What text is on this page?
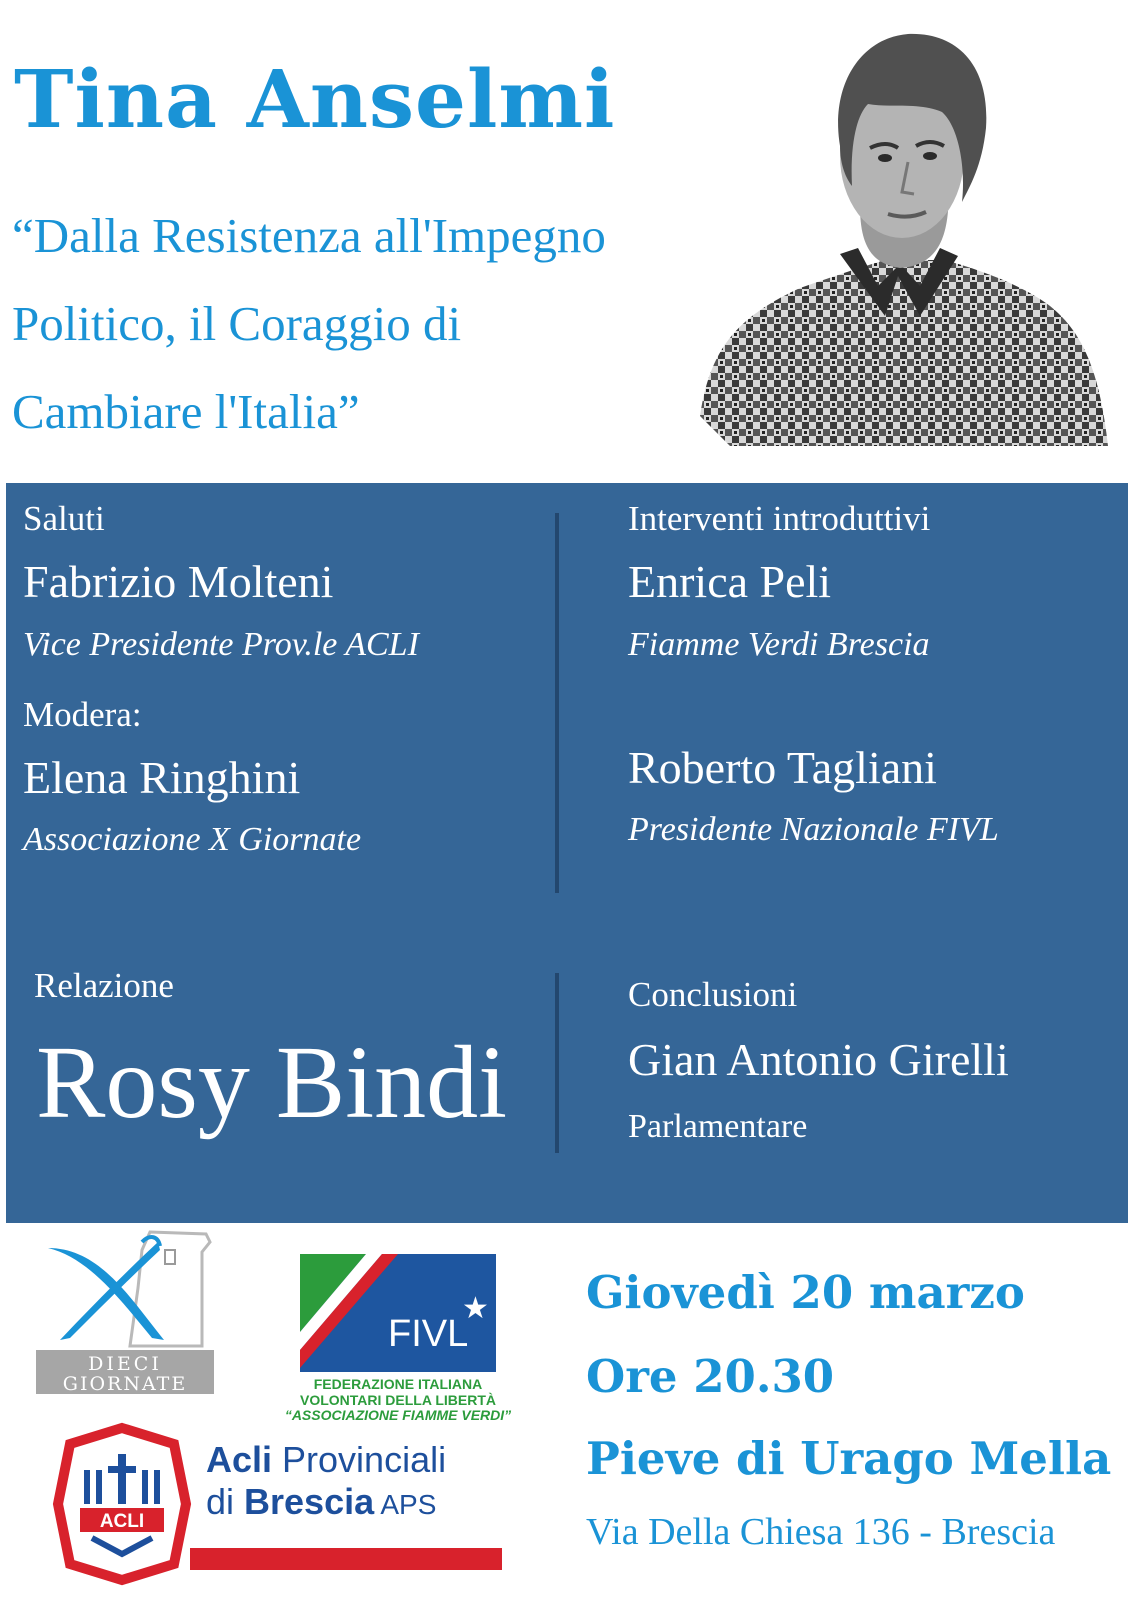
Tina Anselmi
“Dalla Resistenza all'Impegno
Politico, il Coraggio di
Cambiare l'Italia”
Saluti
Fabrizio Molteni
Vice Presidente Prov.le ACLI
Modera:
Elena Ringhini
Associazione X Giornate
Interventi introduttivi
Enrica Peli
Fiamme Verdi Brescia
Roberto Tagliani
Presidente Nazionale FIVL
Relazione
Rosy Bindi
Conclusioni
Gian Antonio Girelli
Parlamentare
DIECI
GIORNATE
FIVL
★
FEDERAZIONE ITALIANA
VOLONTARI DELLA LIBERTÀ
“ASSOCIAZIONE FIAMME VERDI”
ACLI
Acli Provinciali
di Brescia APS
Giovedì 20 marzo
Ore 20.30
Pieve di Urago Mella
Via Della Chiesa 136 - Brescia
